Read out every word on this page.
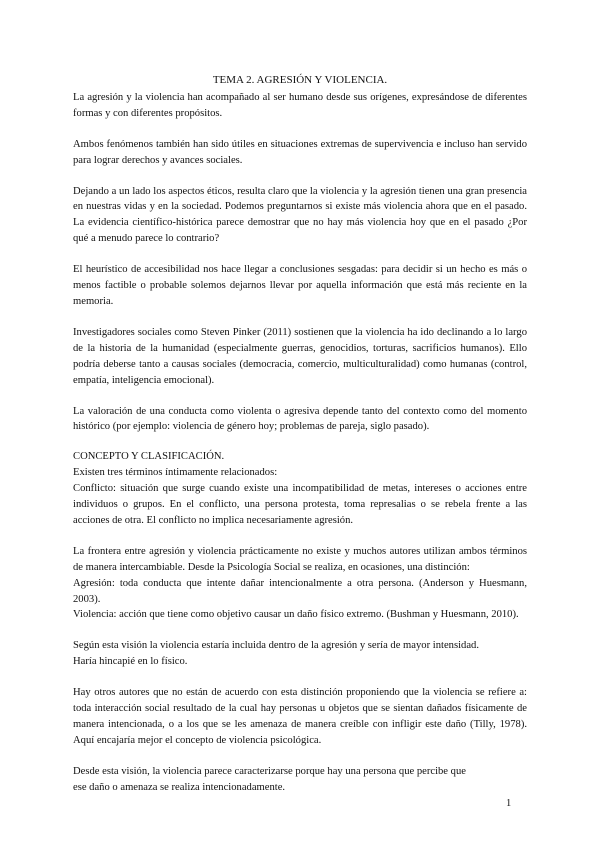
TEMA 2. AGRESIÓN Y VIOLENCIA.

La agresión y la violencia han acompañado al ser humano desde sus orígenes, expresándose de diferentes formas y con diferentes propósitos.

Ambos fenómenos también han sido útiles en situaciones extremas de supervivencia e incluso han servido para lograr derechos y avances sociales.

Dejando a un lado los aspectos éticos, resulta claro que la violencia y la agresión tienen una gran presencia en nuestras vidas y en la sociedad. Podemos preguntarnos si existe más violencia ahora que en el pasado. La evidencia científico-histórica parece demostrar que no hay más violencia hoy que en el pasado ¿Por qué a menudo parece lo contrario?

El heurístico de accesibilidad nos hace llegar a conclusiones sesgadas: para decidir si un hecho es más o menos factible o probable solemos dejarnos llevar por aquella información que está más reciente en la memoria.

Investigadores sociales como Steven Pinker (2011) sostienen que la violencia ha ido declinando a lo largo de la historia de la humanidad (especialmente guerras, genocidios, torturas, sacrificios humanos). Ello podría deberse tanto a causas sociales (democracia, comercio, multiculturalidad) como humanas (control, empatía, inteligencia emocional).

La valoración de una conducta como violenta o agresiva depende tanto del contexto como del momento histórico (por ejemplo: violencia de género hoy; problemas de pareja, siglo pasado).

CONCEPTO Y CLASIFICACIÓN.

Existen tres términos íntimamente relacionados:

Conflicto: situación que surge cuando existe una incompatibilidad de metas, intereses o acciones entre individuos o grupos. En el conflicto, una persona protesta, toma represalias o se rebela frente a las acciones de otra. El conflicto no implica necesariamente agresión.

La frontera entre agresión y violencia prácticamente no existe y muchos autores utilizan ambos términos de manera intercambiable. Desde la Psicología Social se realiza, en ocasiones, una distinción:

Agresión: toda conducta que intente dañar intencionalmente a otra persona. (Anderson y Huesmann, 2003).

Violencia: acción que tiene como objetivo causar un daño físico extremo. (Bushman y Huesmann, 2010).

Según esta visión la violencia estaría incluida dentro de la agresión y sería de mayor intensidad.

Haría hincapié en lo físico.

Hay otros autores que no están de acuerdo con esta distinción proponiendo que la violencia se refiere a: toda interacción social resultado de la cual hay personas u objetos que se sientan dañados físicamente de manera intencionada, o a los que se les amenaza de manera creíble con infligir este daño (Tilly, 1978). Aquí encajaría mejor el concepto de violencia psicológica.

Desde esta visión, la violencia parece caracterizarse porque hay una persona que percibe que

ese daño o amenaza se realiza intencionadamente.

1
